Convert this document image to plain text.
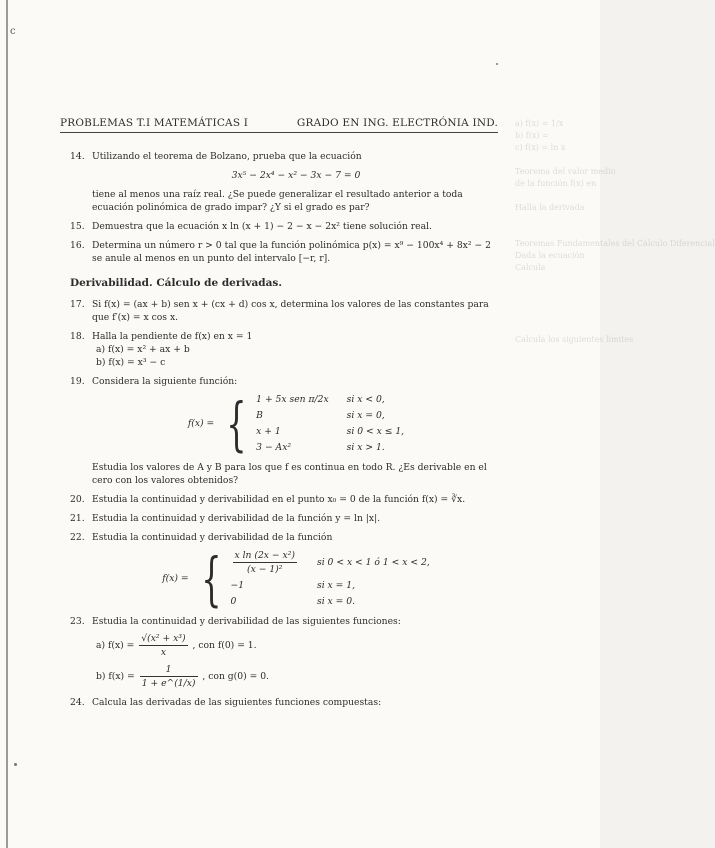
c
a) f(x) = 1/x
b) f(x) =
c) f(x) = ln x

Teorema del valor medio
de la función f(x) en

Halla la derivada

Teoremas Fundamentales del Cálculo Diferencial
Dada la ecuación
Calcula

Calcula los siguientes límites

PROBLEMAS T.I MATEMÁTICAS I	GRADO EN ING. ELECTRÓNIA IND.
14. Utilizando el teorema de Bolzano, prueba que la ecuación
3x⁵ − 2x⁴ − x² − 3x − 7 = 0
tiene al menos una raíz real. ¿Se puede generalizar el resultado anterior a toda ecuación polinómica de grado impar? ¿Y si el grado es par?
15. Demuestra que la ecuación x ln (x + 1) − 2 − x − 2x² tiene solución real.
16. Determina un número r > 0 tal que la función polinómica p(x) = x⁹ − 100x⁴ + 8x² − 2 se anule al menos en un punto del intervalo [−r, r].
Derivabilidad. Cálculo de derivadas.
17. Si f(x) = (ax + b) sen x + (cx + d) cos x, determina los valores de las constantes para que f′(x) = x cos x.
18. Halla la pendiente de f(x) en x = 1
a) f(x) = x² + ax + b
b) f(x) = x³ − c
19. Considera la siguiente función:
f(x) = { 1 + 5x sen π/2x si x < 0,
B	si x = 0,
x + 1	si 0 < x ≤ 1,
3 − Ax²	si x > 1.
Estudia los valores de A y B para los que f es continua en todo R. ¿Es derivable en el cero con los valores obtenidos?
20. Estudia la continuidad y derivabilidad en el punto x₀ = 0 de la función f(x) = ∛x.
21. Estudia la continuidad y derivabilidad de la función y = ln |x|.
22. Estudia la continuidad y derivabilidad de la función
f(x) = { $\frac{\text{x ln (2x − x²)}}{\text{(x − 1)²}}$ si 0 < x < 1 ó 1 < x < 2,
−1	si x = 1,
0	si x = 0.
23. Estudia la continuidad y derivabilidad de las siguientes funciones:
a) $f(x) = \frac{\text{√(x² + x³)}}{x}$ , con f(0) = 1.
b) $f(x) = \frac{1}{1 + e\^{}(1/x)}$ , con g(0) = 0.
24. Calcula las derivadas de las siguientes funciones compuestas:
